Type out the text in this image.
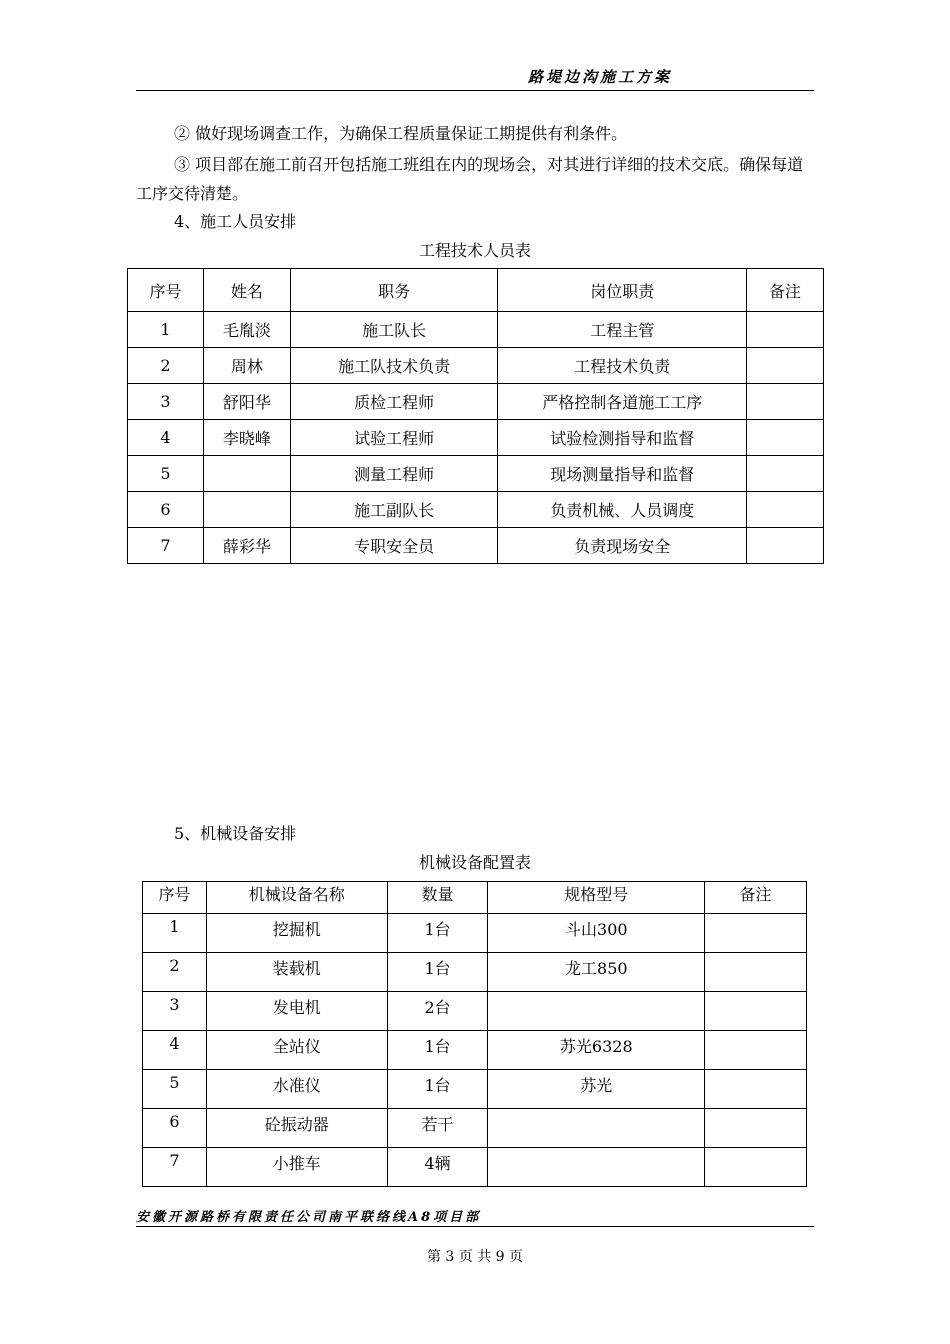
路堤边沟施工方案
② 做好现场调查工作，为确保工程质量保证工期提供有利条件。
③ 项目部在施工前召开包括施工班组在内的现场会，对其进行详细的技术交底。确保每道工序交待清楚。
4、施工人员安排
工程技术人员表
序号	姓名	职务	岗位职责	备注
1	毛胤淡	施工队长	工程主管	
2	周林	施工队技术负责	工程技术负责	
3	舒阳华	质检工程师	严格控制各道施工工序	
4	李晓峰	试验工程师	试验检测指导和监督	
5		测量工程师	现场测量指导和监督	
6		施工副队长	负责机械、人员调度	
7	薛彩华	专职安全员	负责现场安全	
5、机械设备安排
机械设备配置表
序号	机械设备名称	数量	规格型号	备注
1	挖掘机	1台	斗山300	
2	装载机	1台	龙工850	
3	发电机	2台		
4	全站仪	1台	苏光6328	
5	水准仪	1台	苏光	
6	砼振动器	若干		
7	小推车	4辆		
安徽开源路桥有限责任公司南平联络线A8项目部
第 3 页 共 9 页
